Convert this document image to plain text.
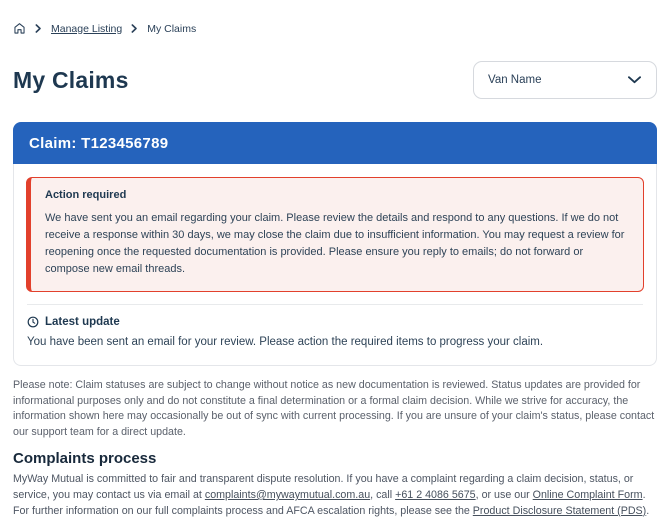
Manage Listing My Claims
My Claims	Van Name
Claim: T123456789
Action required

We have sent you an email regarding your claim. Please review the details and respond to any questions. If we do not receive a response within 30 days, we may close the claim due to insufficient information. You may request a review for reopening once the requested documentation is provided. Please ensure you reply to emails; do not forward or compose new email threads.

Latest update

You have been sent an email for your review. Please action the required items to progress your claim.

Please note: Claim statuses are subject to change without notice as new documentation is reviewed. Status updates are provided for informational purposes only and do not constitute a final determination or a formal claim decision. While we strive for accuracy, the information shown here may occasionally be out of sync with current processing. If you are unsure of your claim's status, please contact our support team for a direct update.

Complaints process

MyWay Mutual is committed to fair and transparent dispute resolution. If you have a complaint regarding a claim decision, status, or service, you may contact us via email at complaints@mywaymutual.com.au, call +61 2 4086 5675, or use our Online Complaint Form. For further information on our full complaints process and AFCA escalation rights, please see the Product Disclosure Statement (PDS).
